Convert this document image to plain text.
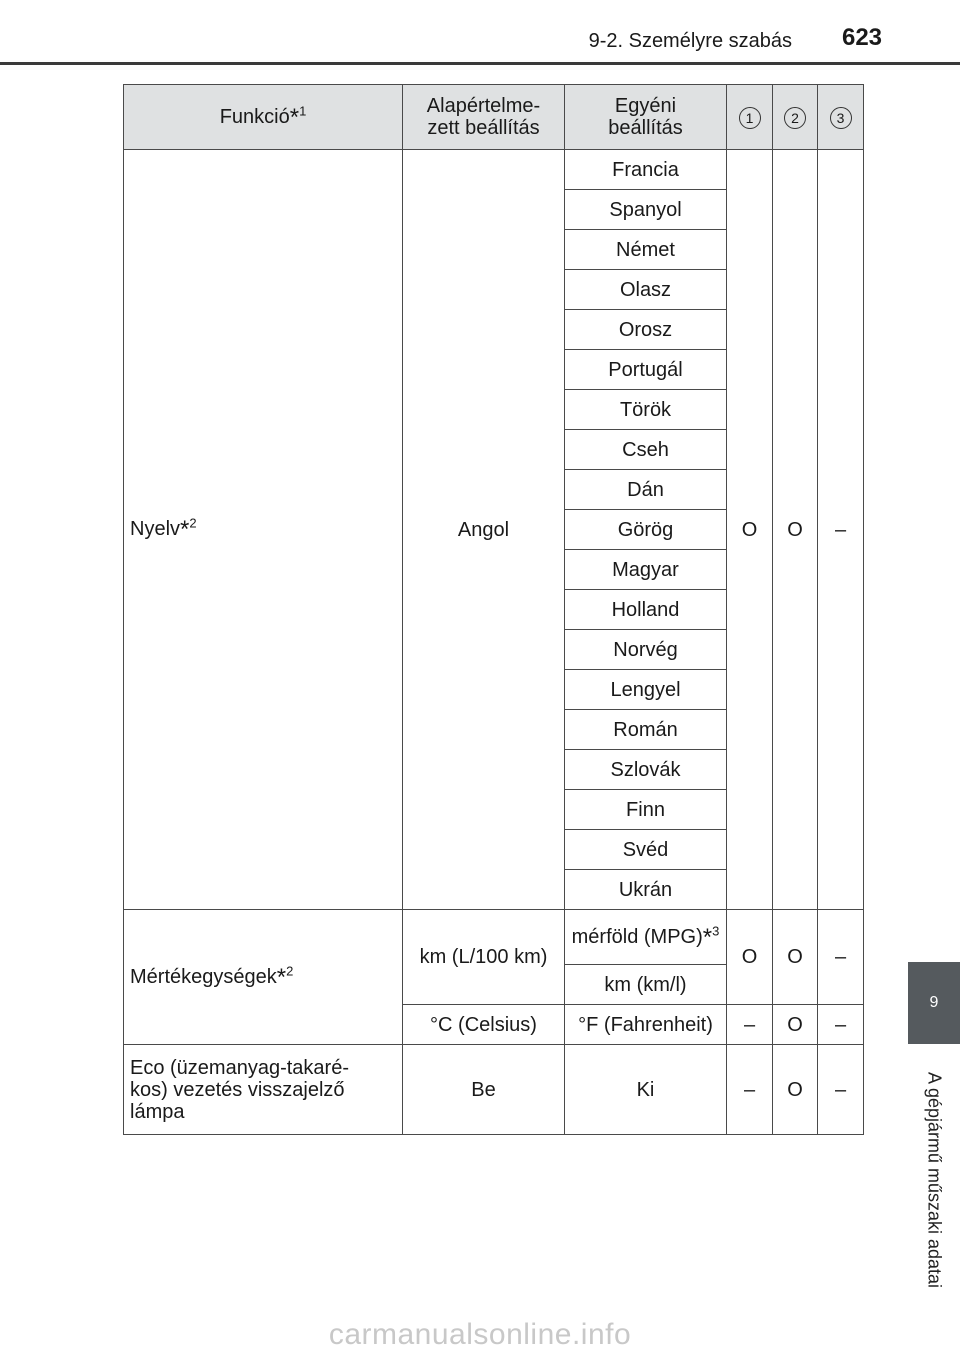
9-2. Személyre szabás	623
9
A gépjármű műszaki adatai
Funkció*$^1$	Alapértelme-zett beállítás	Egyéni beállítás	1	2	3
Nyelv*$^2$	Angol	Francia	O	O	–
		Spanyol			
		Német			
		Olasz			
		Orosz			
		Portugál			
		Török			
		Cseh			
		Dán			
		Görög			
		Magyar			
		Holland			
		Norvég			
		Lengyel			
		Román			
		Szlovák			
		Finn			
		Svéd			
		Ukrán			
Mértékegységek*$^2$	km (L/100 km)	mérföld (MPG)*$^3$	O	O	–
		km (km/l)			
	°C (Celsius)	°F (Fahrenheit)	–	O	–
Eco (üzemanyag-takaré-kos) vezetés visszajelző lámpa	Be	Ki	–	O	–
carmanualsonline.info
